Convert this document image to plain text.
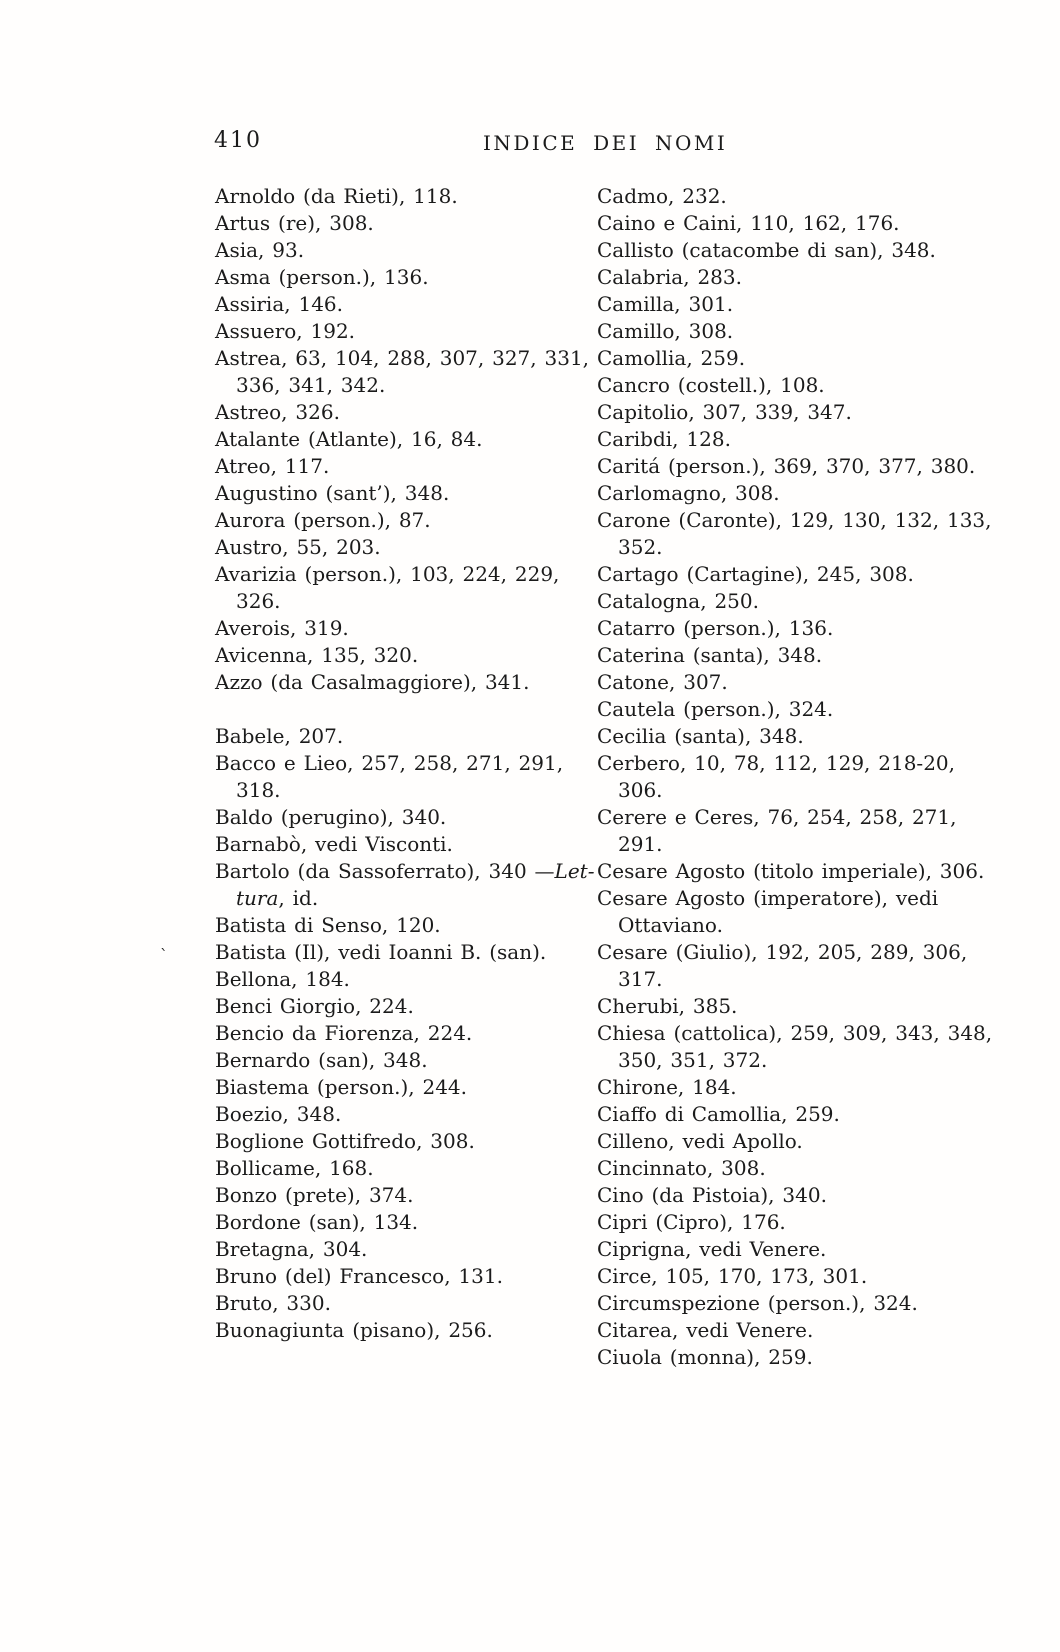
410	INDICE DEI NOMI
ˋ
Arnoldo (da Rieti), 118.
Artus (re), 308.
Asia, 93.
Asma (person.), 136.
Assiria, 146.
Assuero, 192.
Astrea, 63, 104, 288, 307, 327, 331,
336, 341, 342.
Astreo, 326.
Atalante (Atlante), 16, 84.
Atreo, 117.
Augustino (sant’), 348.
Aurora (person.), 87.
Austro, 55, 203.
Avarizia (person.), 103, 224, 229,
326.
Averois, 319.
Avicenna, 135, 320.
Azzo (da Casalmaggiore), 341.
Babele, 207.
Bacco e Lieo, 257, 258, 271, 291,
318.
Baldo (perugino), 340.
Barnabò, vedi Visconti.
Bartolo (da Sassoferrato), 340 —Let-
tura, id.
Batista di Senso, 120.
Batista (Il), vedi Ioanni B. (san).
Bellona, 184.
Benci Giorgio, 224.
Bencio da Fiorenza, 224.
Bernardo (san), 348.
Biastema (person.), 244.
Boezio, 348.
Boglione Gottifredo, 308.
Bollicame, 168.
Bonzo (prete), 374.
Bordone (san), 134.
Bretagna, 304.
Bruno (del) Francesco, 131.
Bruto, 330.
Buonagiunta (pisano), 256.
Cadmo, 232.
Caino e Caini, 110, 162, 176.
Callisto (catacombe di san), 348.
Calabria, 283.
Camilla, 301.
Camillo, 308.
Camollia, 259.
Cancro (costell.), 108.
Capitolio, 307, 339, 347.
Caribdi, 128.
Caritá (person.), 369, 370, 377, 380.
Carlomagno, 308.
Carone (Caronte), 129, 130, 132, 133,
352.
Cartago (Cartagine), 245, 308.
Catalogna, 250.
Catarro (person.), 136.
Caterina (santa), 348.
Catone, 307.
Cautela (person.), 324.
Cecilia (santa), 348.
Cerbero, 10, 78, 112, 129, 218-20,
306.
Cerere e Ceres, 76, 254, 258, 271,
291.
Cesare Agosto (titolo imperiale), 306.
Cesare Agosto (imperatore), vedi
Ottaviano.
Cesare (Giulio), 192, 205, 289, 306,
317.
Cherubi, 385.
Chiesa (cattolica), 259, 309, 343, 348,
350, 351, 372.
Chirone, 184.
Ciaffo di Camollia, 259.
Cilleno, vedi Apollo.
Cincinnato, 308.
Cino (da Pistoia), 340.
Cipri (Cipro), 176.
Ciprigna, vedi Venere.
Circe, 105, 170, 173, 301.
Circumspezione (person.), 324.
Citarea, vedi Venere.
Ciuola (monna), 259.
